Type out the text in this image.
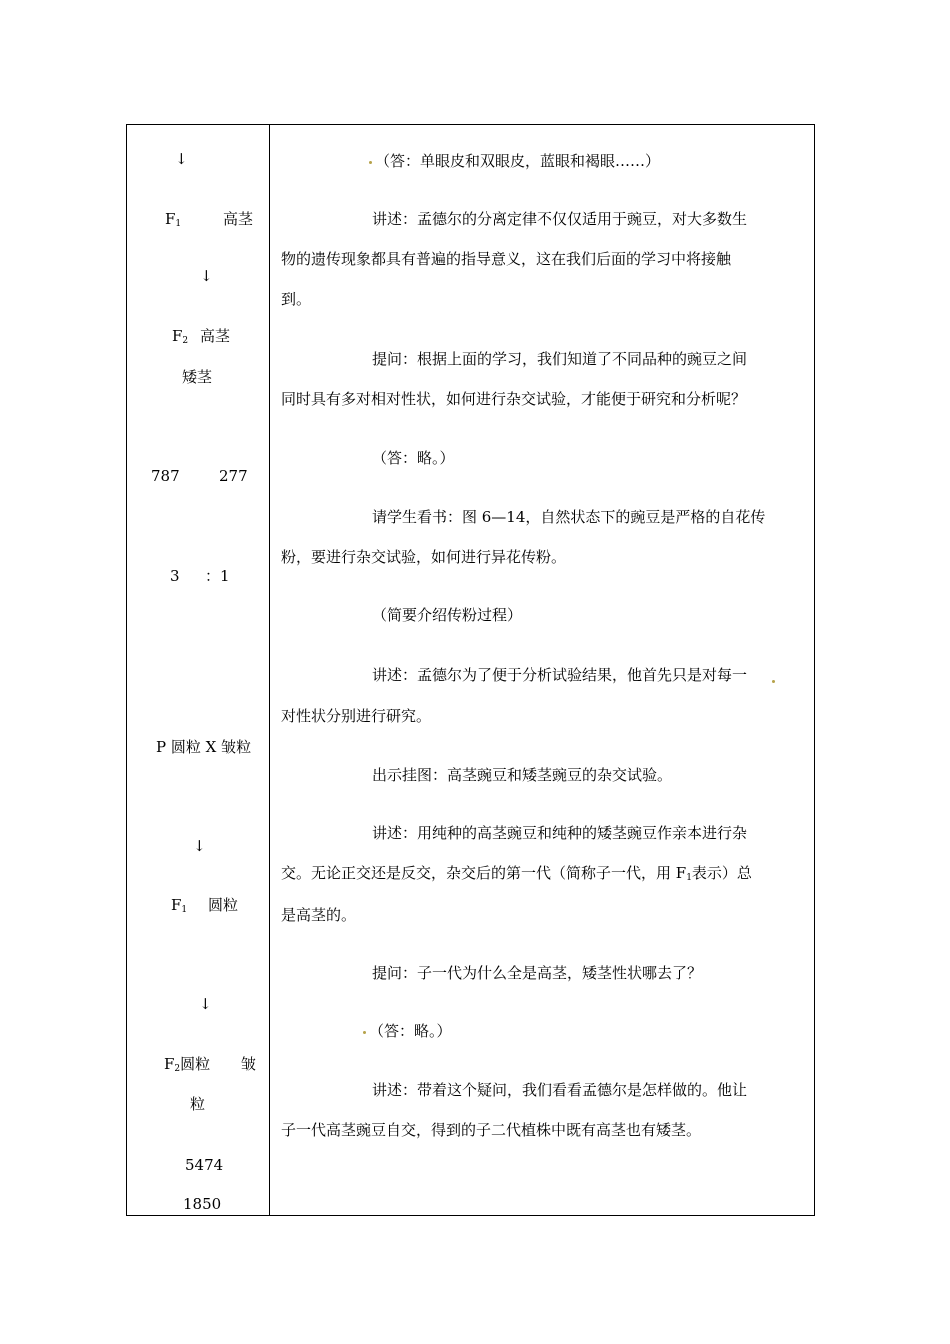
↓
$F_1$	高茎
↓
$F_2$ 高茎
矮茎
787	277
3 ：1
P 圆粒 X 皱粒
↓
$F_1$ 圆粒
↓
$F_2$圆粒 皱
粒
5474
1850
（答：单眼皮和双眼皮，蓝眼和褐眼……）
讲述：孟德尔的分离定律不仅仅适用于豌豆，对大多数生
物的遗传现象都具有普遍的指导意义，这在我们后面的学习中将接触
到。
提问：根据上面的学习，我们知道了不同品种的豌豆之间
同时具有多对相对性状，如何进行杂交试验，才能便于研究和分析呢？
（答：略。）
请学生看书：图 6—14，自然状态下的豌豆是严格的自花传
粉，要进行杂交试验，如何进行异花传粉。
（简要介绍传粉过程）
讲述：孟德尔为了便于分析试验结果，他首先只是对每一
对性状分别进行研究。
出示挂图：高茎豌豆和矮茎豌豆的杂交试验。
讲述：用纯种的高茎豌豆和纯种的矮茎豌豆作亲本进行杂
交。无论正交还是反交，杂交后的第一代（简称子一代，用 $F_1$表示）总
是高茎的。
提问：子一代为什么全是高茎，矮茎性状哪去了？
（答：略。）
讲述：带着这个疑问，我们看看孟德尔是怎样做的。他让
子一代高茎豌豆自交，得到的子二代植株中既有高茎也有矮茎。
